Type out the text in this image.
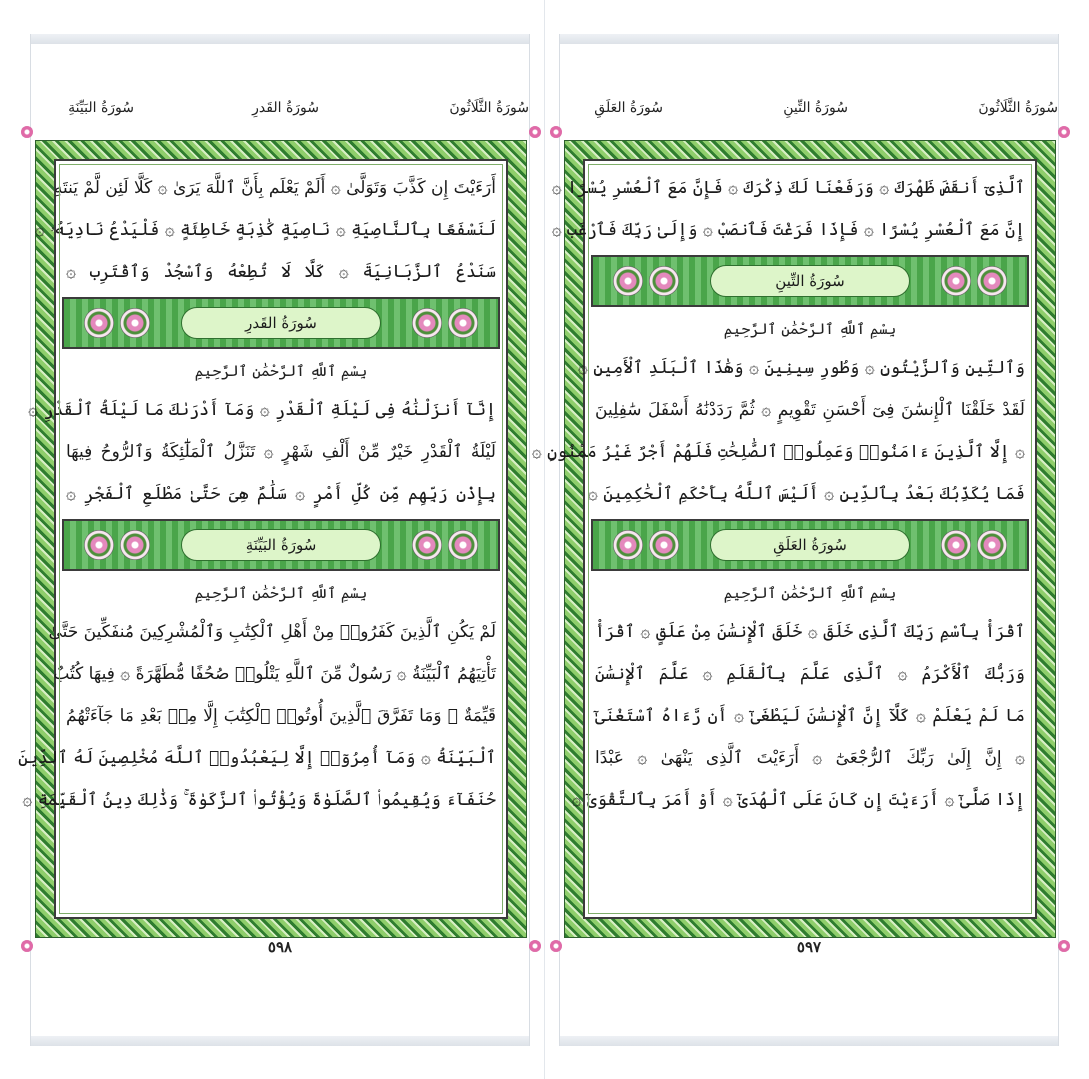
سُورَةُ الثَّلَاثُونَ
سُورَةُ القَدرِ
سُورَةُ البَيِّنَةِ
أَرَءَيْتَ إِن كَذَّبَ وَتَوَلَّىٰ ۞ أَلَمْ يَعْلَم بِأَنَّ ٱللَّهَ يَرَىٰ ۞ كَلَّا لَئِن لَّمْ يَنتَهِ
لَنَسْفَعًا بِٱلنَّاصِيَةِ ۞ نَاصِيَةٍ كَٰذِبَةٍ خَاطِئَةٍ ۞ فَلْيَدْعُ نَادِيَهُۥ ۞
سَنَدْعُ ٱلزَّبَانِيَةَ ۞ كَلَّا لَا تُطِعْهُ وَٱسْجُدْ وَٱقْتَرِب ۞
سُورَةُ القَدرِ
بِسْمِ ٱللَّهِ ٱلرَّحْمَٰنِ ٱلرَّحِيمِ
إِنَّآ أَنزَلْنَٰهُ فِى لَيْلَةِ ٱلْقَدْرِ ۞ وَمَآ أَدْرَىٰكَ مَا لَيْلَةُ ٱلْقَدْرِ ۞
لَيْلَةُ ٱلْقَدْرِ خَيْرٌ مِّنْ أَلْفِ شَهْرٍ ۞ تَنَزَّلُ ٱلْمَلَٰٓئِكَةُ وَٱلرُّوحُ فِيهَا
بِإِذْنِ رَبِّهِم مِّن كُلِّ أَمْرٍ ۞ سَلَٰمٌ هِىَ حَتَّىٰ مَطْلَعِ ٱلْفَجْرِ ۞
سُورَةُ البَيِّنَةِ
بِسْمِ ٱللَّهِ ٱلرَّحْمَٰنِ ٱلرَّحِيمِ
لَمْ يَكُنِ ٱلَّذِينَ كَفَرُوا۟ مِنْ أَهْلِ ٱلْكِتَٰبِ وَٱلْمُشْرِكِينَ مُنفَكِّينَ حَتَّىٰ
تَأْتِيَهُمُ ٱلْبَيِّنَةُ ۞ رَسُولٌ مِّنَ ٱللَّهِ يَتْلُوا۟ صُحُفًا مُّطَهَّرَةً ۞ فِيهَا كُتُبٌ
قَيِّمَةٌ ۞ وَمَا تَفَرَّقَ ٱلَّذِينَ أُوتُوا۟ ٱلْكِتَٰبَ إِلَّا مِنۢ بَعْدِ مَا جَآءَتْهُمُ
ٱلْبَيِّنَةُ ۞ وَمَآ أُمِرُوٓا۟ إِلَّا لِيَعْبُدُوا۟ ٱللَّهَ مُخْلِصِينَ لَهُ ٱلدِّينَ
حُنَفَآءَ وَيُقِيمُوا۟ ٱلصَّلَوٰةَ وَيُؤْتُوا۟ ٱلزَّكَوٰةَ ۚ وَذَٰلِكَ دِينُ ٱلْقَيِّمَةِ ۞
٥٩٨
سُورَةُ الثَّلَاثُونَ
سُورَةُ التِّينِ
سُورَةُ العَلَقِ
ٱلَّذِىٓ أَنقَضَ ظَهْرَكَ ۞ وَرَفَعْنَا لَكَ ذِكْرَكَ ۞ فَإِنَّ مَعَ ٱلْعُسْرِ يُسْرًا ۞
إِنَّ مَعَ ٱلْعُسْرِ يُسْرًا ۞ فَإِذَا فَرَغْتَ فَٱنصَبْ ۞ وَإِلَىٰ رَبِّكَ فَٱرْغَب ۞
سُورَةُ التِّينِ
بِسْمِ ٱللَّهِ ٱلرَّحْمَٰنِ ٱلرَّحِيمِ
وَٱلتِّينِ وَٱلزَّيْتُونِ ۞ وَطُورِ سِينِينَ ۞ وَهَٰذَا ٱلْبَلَدِ ٱلْأَمِينِ ۞
لَقَدْ خَلَقْنَا ٱلْإِنسَٰنَ فِىٓ أَحْسَنِ تَقْوِيمٍ ۞ ثُمَّ رَدَدْنَٰهُ أَسْفَلَ سَٰفِلِينَ
۞ إِلَّا ٱلَّذِينَ ءَامَنُوا۟ وَعَمِلُوا۟ ٱلصَّٰلِحَٰتِ فَلَهُمْ أَجْرٌ غَيْرُ مَمْنُونٍ ۞
فَمَا يُكَذِّبُكَ بَعْدُ بِٱلدِّينِ ۞ أَلَيْسَ ٱللَّهُ بِأَحْكَمِ ٱلْحَٰكِمِينَ ۞
سُورَةُ العَلَقِ
بِسْمِ ٱللَّهِ ٱلرَّحْمَٰنِ ٱلرَّحِيمِ
ٱقْرَأْ بِٱسْمِ رَبِّكَ ٱلَّذِى خَلَقَ ۞ خَلَقَ ٱلْإِنسَٰنَ مِنْ عَلَقٍ ۞ ٱقْرَأْ
وَرَبُّكَ ٱلْأَكْرَمُ ۞ ٱلَّذِى عَلَّمَ بِٱلْقَلَمِ ۞ عَلَّمَ ٱلْإِنسَٰنَ
مَا لَمْ يَعْلَمْ ۞ كَلَّآ إِنَّ ٱلْإِنسَٰنَ لَيَطْغَىٰٓ ۞ أَن رَّءَاهُ ٱسْتَغْنَىٰٓ
۞ إِنَّ إِلَىٰ رَبِّكَ ٱلرُّجْعَىٰٓ ۞ أَرَءَيْتَ ٱلَّذِى يَنْهَىٰ ۞ عَبْدًا
إِذَا صَلَّىٰٓ ۞ أَرَءَيْتَ إِن كَانَ عَلَى ٱلْهُدَىٰٓ ۞ أَوْ أَمَرَ بِٱلتَّقْوَىٰٓ ۞
٥٩٧
